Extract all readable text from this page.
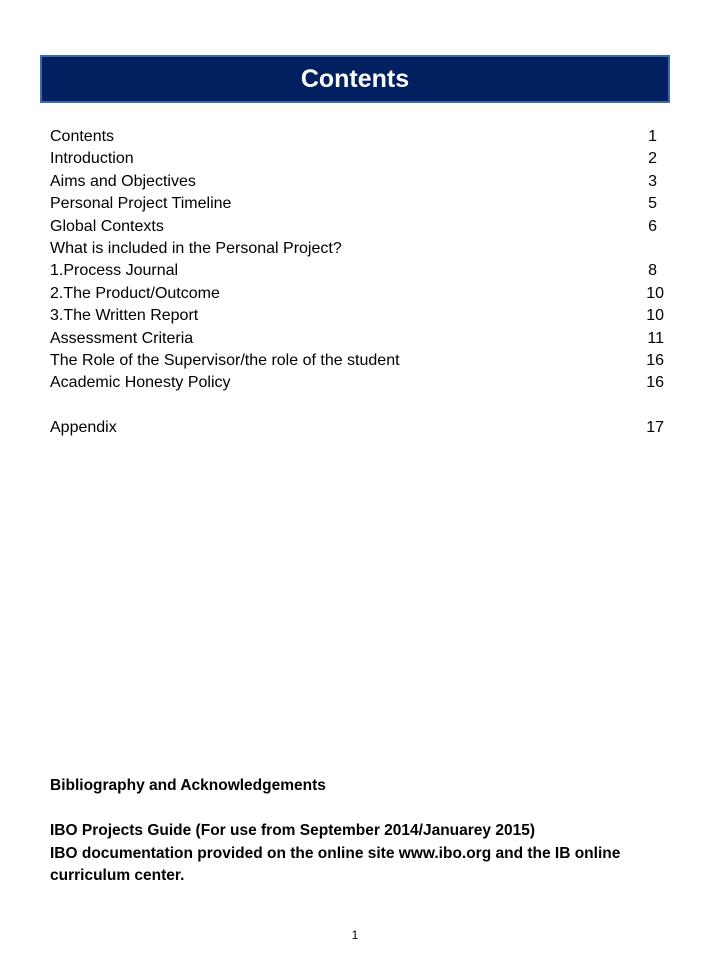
Contents
Contents	1
Introduction	2
Aims and Objectives	3
Personal Project Timeline	5
Global Contexts	6
What is included in the Personal Project?
1.Process Journal	8
2.The Product/Outcome	10
3.The Written Report	10
Assessment Criteria	11
The Role of the Supervisor/the role of the student	16
Academic Honesty Policy	16
Appendix	17
Bibliography and Acknowledgements
IBO Projects Guide (For use from September 2014/Januarey 2015)
IBO documentation provided on the online site www.ibo.org and the IB online
curriculum center.
1
